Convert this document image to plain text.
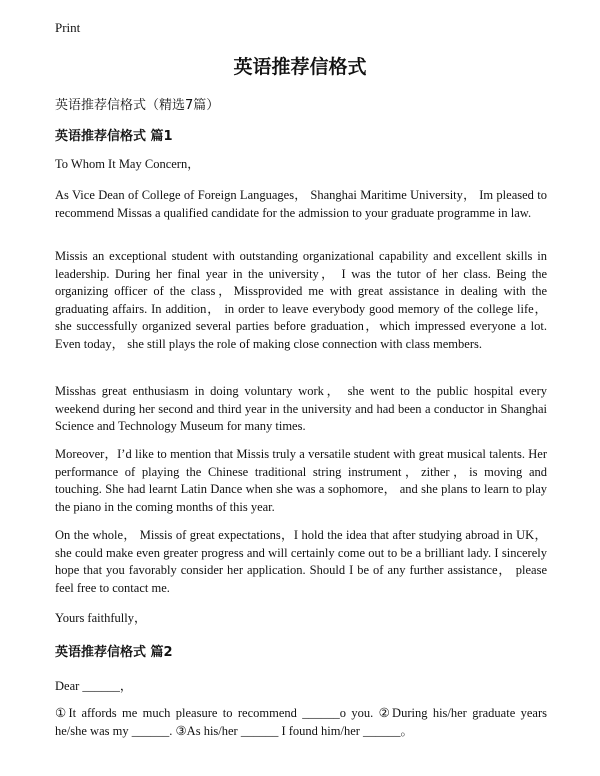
Print
英语推荐信格式
英语推荐信格式（精选7篇）
英语推荐信格式 篇1

To Whom It May Concern，

As Vice Dean of College of Foreign Languages， Shanghai Maritime University， Im pleased to recommend Missas a qualified candidate for the admission to your graduate programme in law.

Missis an exceptional student with outstanding organizational capability and excellent skills in leadership. During her final year in the university， I was the tutor of her class. Being the organizing officer of the class，Missprovided me with great assistance in dealing with the graduating affairs. In addition， in order to leave everybody good memory of the college life， she successfully organized several parties before graduation，which impressed everyone a lot. Even today， she still plays the role of making close connection with class members.

Misshas great enthusiasm in doing voluntary work， she went to the public hospital every weekend during her second and third year in the university and had been a conductor in Shanghai Science and Technology Museum for many times.

Moreover，I’d like to mention that Missis truly a versatile student with great musical talents. Her performance of playing the Chinese traditional string instrument，zither，is moving and touching. She had learnt Latin Dance when she was a sophomore， and she plans to learn to play the piano in the coming months of this year.

On the whole， Missis of great expectations，I hold the idea that after studying abroad in UK， she could make even greater progress and will certainly come out to be a brilliant lady. I sincerely hope that you favorably consider her application. Should I be of any further assistance， please feel free to contact me.

Yours faithfully，

英语推荐信格式 篇2

Dear ______，

①It affords me much pleasure to recommend ______o you. ②During his/her graduate years he/she was my ______. ③As his/her ______ I found him/her ______。
